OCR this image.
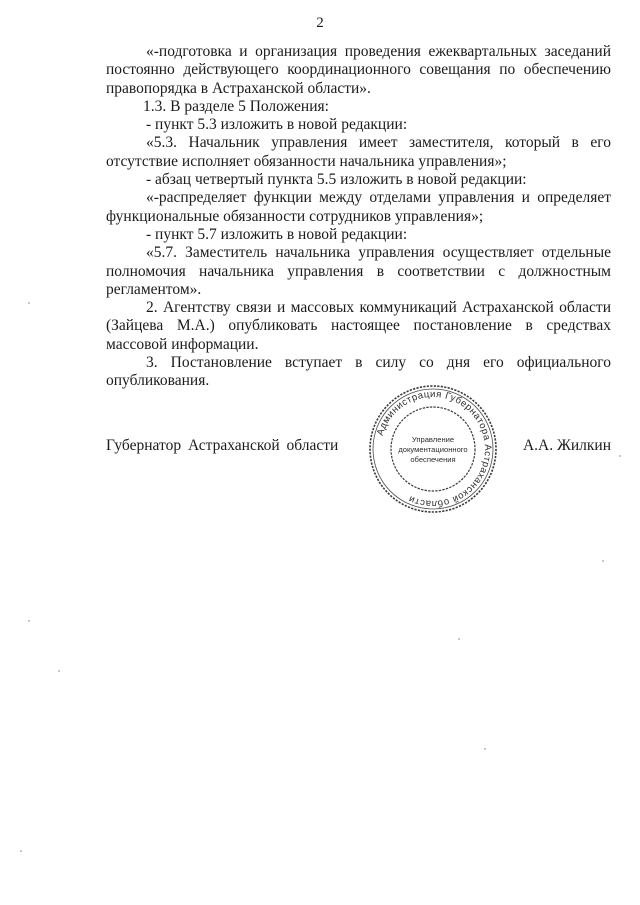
2

«-подготовка и организация проведения ежеквартальных заседаний постоянно действующего координационного совещания по обеспечению правопорядка в Астраханской области».

1.3. В разделе 5 Положения:

- пункт 5.3 изложить в новой редакции:

«5.3. Начальник управления имеет заместителя, который в его отсутствие исполняет обязанности начальника управления»;

- абзац четвертый пункта 5.5 изложить в новой редакции:

«-распределяет функции между отделами управления и определяет функциональные обязанности сотрудников управления»;

- пункт 5.7 изложить в новой редакции:

«5.7. Заместитель начальника управления осуществляет отдельные полномочия начальника управления в соответствии с должностным регламентом».

2. Агентству связи и массовых коммуникаций Астраханской области (Зайцева М.А.) опубликовать настоящее постановление в средствах массовой информации.

3. Постановление вступает в силу со дня его официального опубликования.

Администрация Губернатора Астраханской области
Управление
документационного
обеспечения
Губернатор Астраханской области	А.А. Жилкин
